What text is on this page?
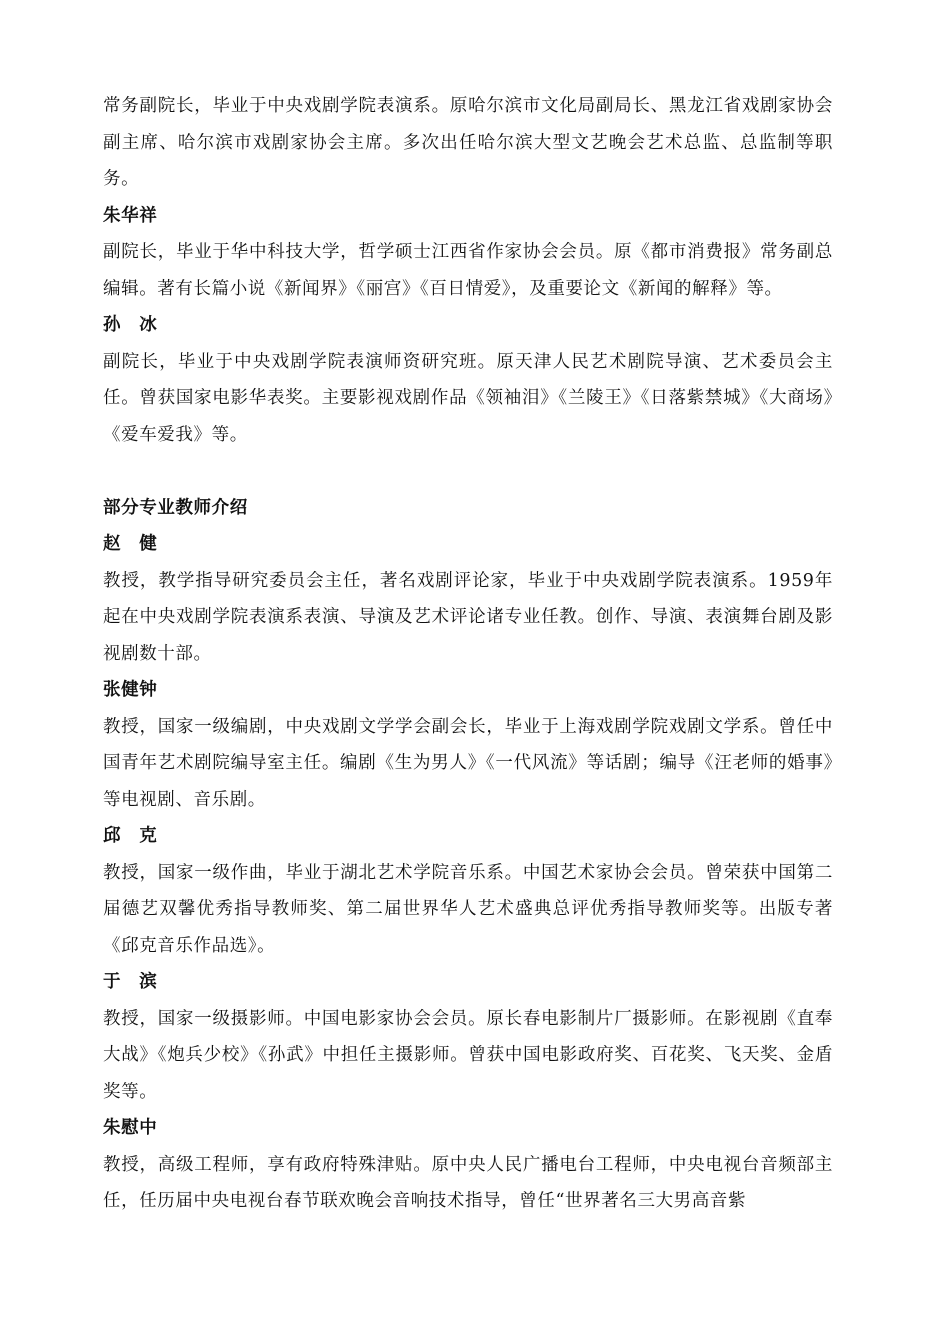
常务副院长，毕业于中央戏剧学院表演系。原哈尔滨市文化局副局长、黑龙江省戏剧家协会副主席、哈尔滨市戏剧家协会主席。多次出任哈尔滨大型文艺晚会艺术总监、总监制等职务。

朱华祥

副院长，毕业于华中科技大学，哲学硕士江西省作家协会会员。原《都市消费报》常务副总编辑。著有长篇小说《新闻界》《丽宫》《百日情爱》，及重要论文《新闻的解释》等。

孙　冰

副院长，毕业于中央戏剧学院表演师资研究班。原天津人民艺术剧院导演、艺术委员会主任。曾获国家电影华表奖。主要影视戏剧作品《领袖泪》《兰陵王》《日落紫禁城》《大商场》《爱车爱我》等。

部分专业教师介绍

赵　健

教授，教学指导研究委员会主任，著名戏剧评论家，毕业于中央戏剧学院表演系。1959年起在中央戏剧学院表演系表演、导演及艺术评论诸专业任教。创作、导演、表演舞台剧及影视剧数十部。

张健钟

教授，国家一级编剧，中央戏剧文学学会副会长，毕业于上海戏剧学院戏剧文学系。曾任中国青年艺术剧院编导室主任。编剧《生为男人》《一代风流》等话剧；编导《汪老师的婚事》等电视剧、音乐剧。

邱　克

教授，国家一级作曲，毕业于湖北艺术学院音乐系。中国艺术家协会会员。曾荣获中国第二届德艺双馨优秀指导教师奖、第二届世界华人艺术盛典总评优秀指导教师奖等。出版专著《邱克音乐作品选》。

于　滨

教授，国家一级摄影师。中国电影家协会会员。原长春电影制片厂摄影师。在影视剧《直奉大战》《炮兵少校》《孙武》中担任主摄影师。曾获中国电影政府奖、百花奖、飞天奖、金盾奖等。

朱慰中

教授，高级工程师，享有政府特殊津贴。原中央人民广播电台工程师，中央电视台音频部主任，任历届中央电视台春节联欢晚会音响技术指导，曾任“世界著名三大男高音紫
